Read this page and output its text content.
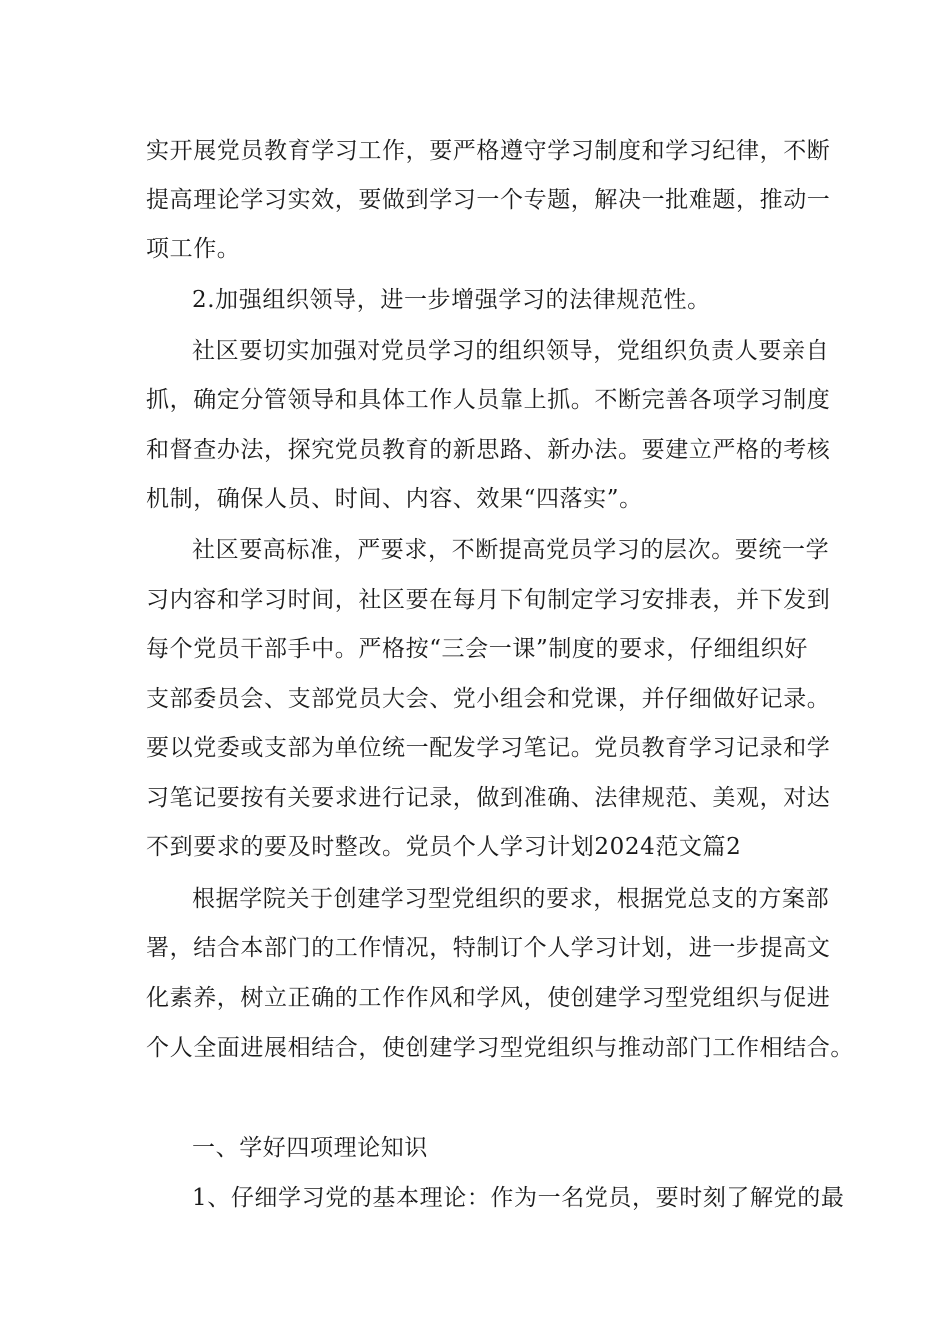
实开展党员教育学习工作，要严格遵守学习制度和学习纪律，不断
提高理论学习实效，要做到学习一个专题，解决一批难题，推动一
项工作。
2.加强组织领导，进一步增强学习的法律规范性。
社区要切实加强对党员学习的组织领导，党组织负责人要亲自
抓，确定分管领导和具体工作人员靠上抓。不断完善各项学习制度
和督查办法，探究党员教育的新思路、新办法。要建立严格的考核
机制，确保人员、时间、内容、效果“四落实”。
社区要高标准，严要求，不断提高党员学习的层次。要统一学
习内容和学习时间，社区要在每月下旬制定学习安排表，并下发到
每个党员干部手中。严格按“三会一课”制度的要求，仔细组织好
支部委员会、支部党员大会、党小组会和党课，并仔细做好记录。
要以党委或支部为单位统一配发学习笔记。党员教育学习记录和学
习笔记要按有关要求进行记录，做到准确、法律规范、美观，对达
不到要求的要及时整改。党员个人学习计划2024范文篇2
根据学院关于创建学习型党组织的要求，根据党总支的方案部
署，结合本部门的工作情况，特制订个人学习计划，进一步提高文
化素养，树立正确的工作作风和学风，使创建学习型党组织与促进
个人全面进展相结合，使创建学习型党组织与推动部门工作相结合。
一、学好四项理论知识
1、仔细学习党的基本理论：作为一名党员，要时刻了解党的最
